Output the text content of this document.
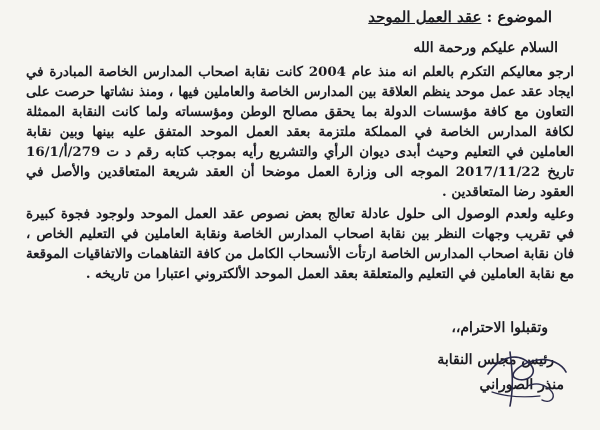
الموضوع : عقد العمل الموحد
السلام عليكم ورحمة الله
ارجو معاليكم التكرم بالعلم انه منذ عام 2004 كانت نقابة اصحاب المدارس الخاصة المبادرة في ايجاد عقد عمل موحد ينظم العلاقة بين المدارس الخاصة والعاملين فيها ، ومنذ نشاتها حرصت على التعاون مع كافة مؤسسات الدولة بما يحقق مصالح الوطن ومؤسساته ولما كانت النقابة الممثلة لكافة المدارس الخاصة في المملكة ملتزمة بعقد العمل الموحد المتفق عليه بينها وبين نقابة العاملين في التعليم وحيث أبدى ديوان الرأي والتشريع رأيه بموجب كتابه رقم د ت 279/أ/16/1 تاريخ 2017/11/22 الموجه الى وزارة العمل موضحا أن العقد شريعة المتعاقدين والأصل في العقود رضا المتعاقدين .
وعليه ولعدم الوصول الى حلول عادلة تعالج بعض نصوص عقد العمل الموحد ولوجود فجوة كبيرة في تقريب وجهات النظر بين نقابة اصحاب المدارس الخاصة ونقابة العاملين في التعليم الخاص ، فان نقابة اصحاب المدارس الخاصة ارتأت الأنسحاب الكامل من كافة التفاهمات والاتفاقيات الموقعة مع نقابة العاملين في التعليم والمتعلقة بعقد العمل الموحد الألكتروني اعتبارا من تاريخه .
وتقبلوا الاحترام،،
رئيس مجلس النقابة
منذر الصوراني
